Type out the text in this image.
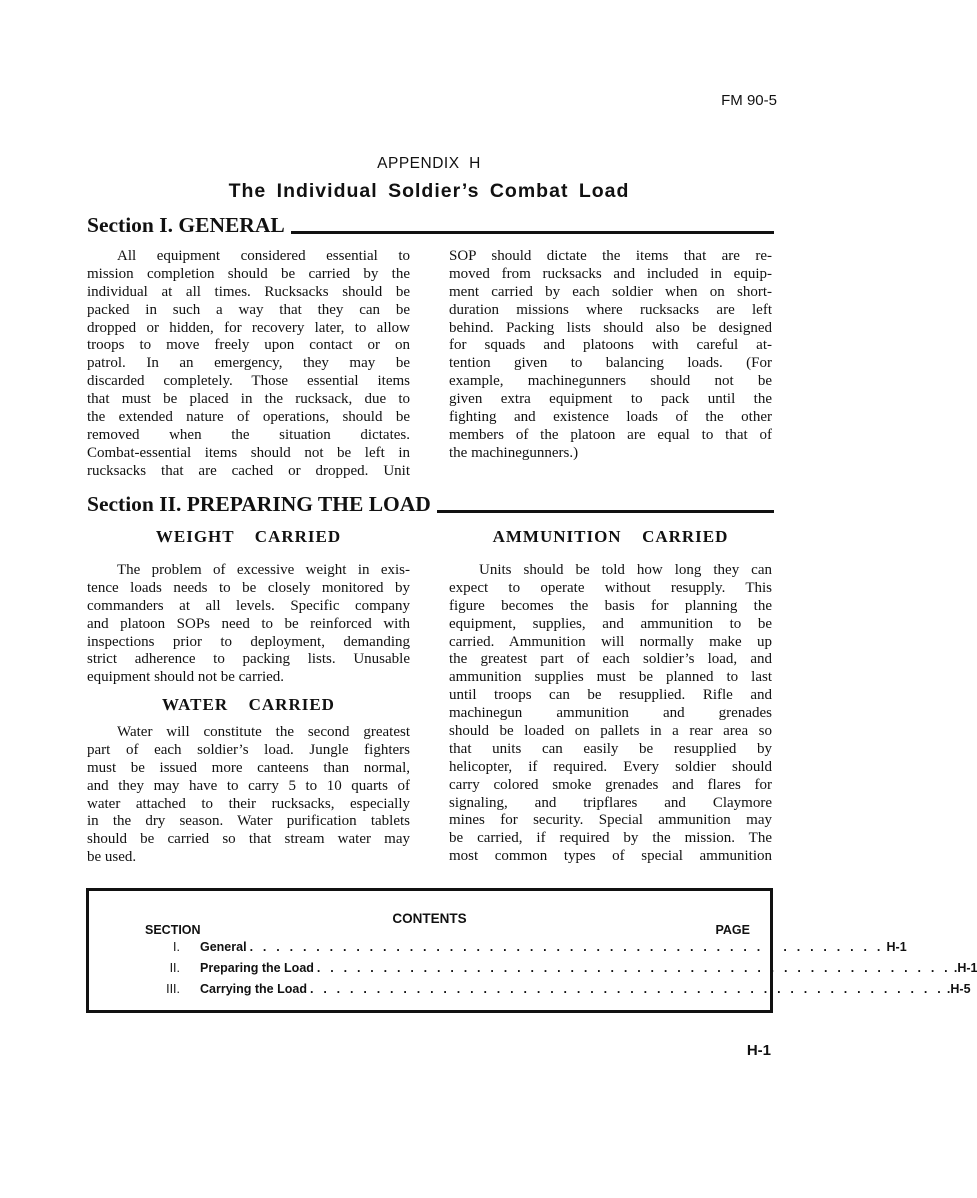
FM 90-5
APPENDIX  H
The Individual Soldier’s Combat Load
Section I. GENERAL
All equipment considered essential to
mission completion should be carried by the
individual at all times. Rucksacks should be
packed in such a way that they can be
dropped or hidden, for recovery later, to allow
troops to move freely upon contact or on
patrol. In an emergency, they may be
discarded completely. Those essential items
that must be placed in the rucksack, due to
the extended nature of operations, should be
removed when the situation dictates.
Combat-essential items should not be left in
rucksacks that are cached or dropped. Unit
SOP should dictate the items that are re-
moved from rucksacks and included in equip-
ment carried by each soldier when on short-
duration missions where rucksacks are left
behind. Packing lists should also be designed
for squads and platoons with careful at-
tention given to balancing loads. (For
example, machinegunners should not be
given extra equipment to pack until the
fighting and existence loads of the other
members of the platoon are equal to that of
the machinegunners.)
Section II. PREPARING THE LOAD
WEIGHT  CARRIED
The problem of excessive weight in exis-
tence loads needs to be closely monitored by
commanders at all levels. Specific company
and platoon SOPs need to be reinforced with
inspections prior to deployment, demanding
strict adherence to packing lists. Unusable
equipment should not be carried.
WATER  CARRIED
Water will constitute the second greatest
part of each soldier’s load. Jungle fighters
must be issued more canteens than normal,
and they may have to carry 5 to 10 quarts of
water attached to their rucksacks, especially
in the dry season. Water purification tablets
should be carried so that stream water may
be used.
AMMUNITION  CARRIED
Units should be told how long they can
expect to operate without resupply. This
figure becomes the basis for planning the
equipment, supplies, and ammunition to be
carried. Ammunition will normally make up
the greatest part of each soldier’s load, and
ammunition supplies must be planned to last
until troops can be resupplied. Rifle and
machinegun ammunition and grenades
should be loaded on pallets in a rear area so
that units can easily be resupplied by
helicopter, if required. Every soldier should
carry colored smoke grenades and flares for
signaling, and tripflares and Claymore
mines for security. Special ammunition may
be carried, if required by the mission. The
most common types of special ammunition
CONTENTS
SECTION	PAGE
I. General . . . . . . . . . . . . . . . . . . . . . . . . . . . . . . . . . . . . . . . . . . . . . . . . H-1
II. Preparing the Load . . . . . . . . . . . . . . . . . . . . . . . . . . . . . . . . . . . . . . . . . . . . . . . . .H-1
III. Carrying the Load . . . . . . . . . . . . . . . . . . . . . . . . . . . . . . . . . . . . . . . . . . . . . . . . .H-5
H-1
